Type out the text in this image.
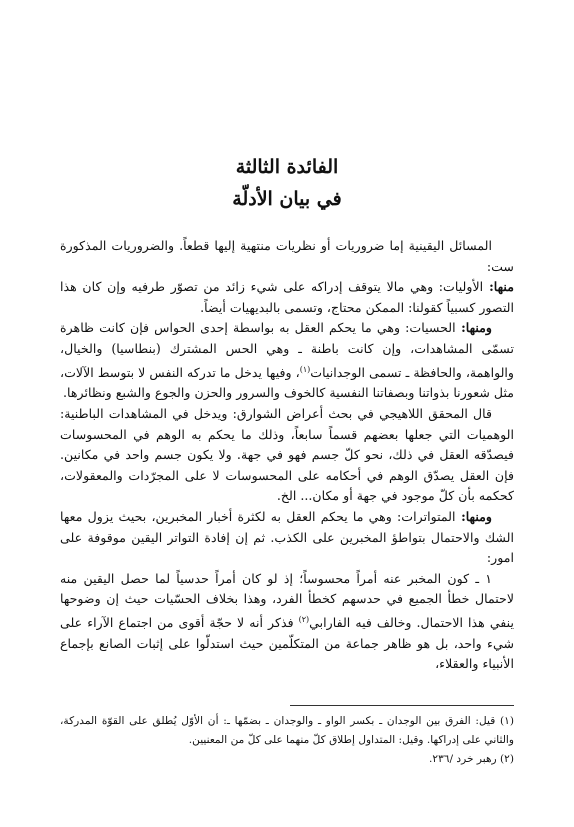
الفائدة الثالثة
في بيان الأدلّة

المسائل اليقينية إما ضروريات أو نظريات منتهية إليها قطعاً. والضروريات المذكورة ست:

منها: الأوليات: وهي مالا يتوقف إدراكه على شيء زائد من تصوّر طرفيه وإن كان هذا التصور كسبياً كقولنا: الممكن محتاج، وتسمى بالبديهيات أيضاً.

ومنها: الحسيات: وهي ما يحكم العقل به بواسطة إحدى الحواس فإن كانت ظاهرة تسمّى المشاهدات، وإن كانت باطنة ـ وهي الحس المشترك (بنطاسيا) والخيال، والواهمة، والحافظة ـ تسمى الوجدانيات$^{(١)}$، وفيها يدخل ما تدركه النفس لا بتوسط الآلات، مثل شعورنا بذواتنا وبصفاتنا النفسية كالخوف والسرور والحزن والجوع والشبع ونظائرها.

قال المحقق اللاهيجي في بحث أعراض الشوارق: ويدخل في المشاهدات الباطنية: الوهميات التي جعلها بعضهم قسماً سابعاً، وذلك ما يحكم به الوهم في المحسوسات فيصدّقه العقل في ذلك، نحو كلّ جسم فهو في جهة. ولا يكون جسم واحد في مكانين. فإن العقل يصدّق الوهم في أحكامه على المحسوسات لا على المجرّدات والمعقولات، كحكمه بأن كلّ موجود في جهة أو مكان... الخ.

ومنها: المتواترات: وهي ما يحكم العقل به لكثرة أخبار المخبرين، بحيث يزول معها الشك والاحتمال بتواطؤ المخبرين على الكذب. ثم إن إفادة التواتر اليقين موقوفة على امور:

١ ـ كون المخبر عنه أمراً محسوساً؛ إذ لو كان أمراً حدسياً لما حصل اليقين منه لاحتمال خطأ الجميع في حدسهم كخطأ الفرد، وهذا بخلاف الحسّيات حيث إن وضوحها ينفي هذا الاحتمال. وخالف فيه الفارابي$^{(٢)}$ فذكر أنه لا حجّة أقوى من اجتماع الآراء على شيء واحد، بل هو ظاهر جماعة من المتكلّمين حيث استدلّوا على إثبات الصانع بإجماع الأنبياء والعقلاء،

(١) قيل: الفرق بين الوجدان ـ بكسر الواو ـ والوجدان ـ بضمّها ـ: أن الأوّل يُطلق على القوّة المدركة، والثاني على إدراكها. وقيل: المتداول إطلاق كلّ منهما على كلّ من المعنيين.

(٢) رهبر خرد /٢٣٦.
